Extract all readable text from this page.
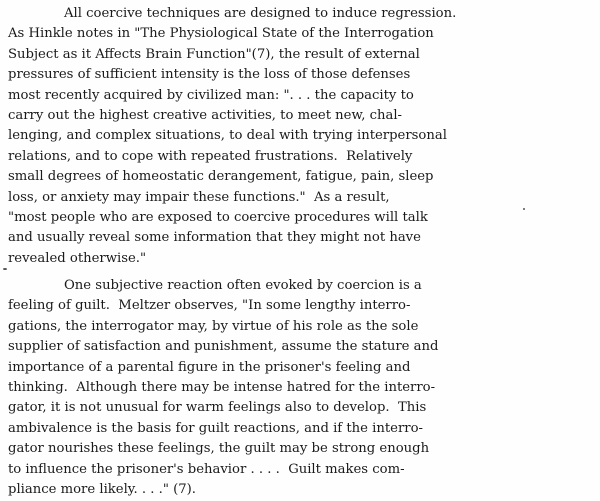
All coercive techniques are designed to induce regression.
As Hinkle notes in "The Physiological State of the Interrogation
Subject as it Affects Brain Function"(7), the result of external
pressures of sufficient intensity is the loss of those defenses
most recently acquired by civilized man: ". . . the capacity to
carry out the highest creative activities, to meet new, chal-
lenging, and complex situations, to deal with trying interpersonal
relations, and to cope with repeated frustrations.  Relatively
small degrees of homeostatic derangement, fatigue, pain, sleep
loss, or anxiety may impair these functions."  As a result,
"most people who are exposed to coercive procedures will talk
and usually reveal some information that they might not have
revealed otherwise."

One subjective reaction often evoked by coercion is a
feeling of guilt.  Meltzer observes, "In some lengthy interro-
gations, the interrogator may, by virtue of his role as the sole
supplier of satisfaction and punishment, assume the stature and
importance of a parental figure in the prisoner's feeling and
thinking.  Although there may be intense hatred for the interro-
gator, it is not unusual for warm feelings also to develop.  This
ambivalence is the basis for guilt reactions, and if the interro-
gator nourishes these feelings, the guilt may be strong enough
to influence the prisoner's behavior . . . .  Guilt makes com-
pliance more likely. . . ." (7).
